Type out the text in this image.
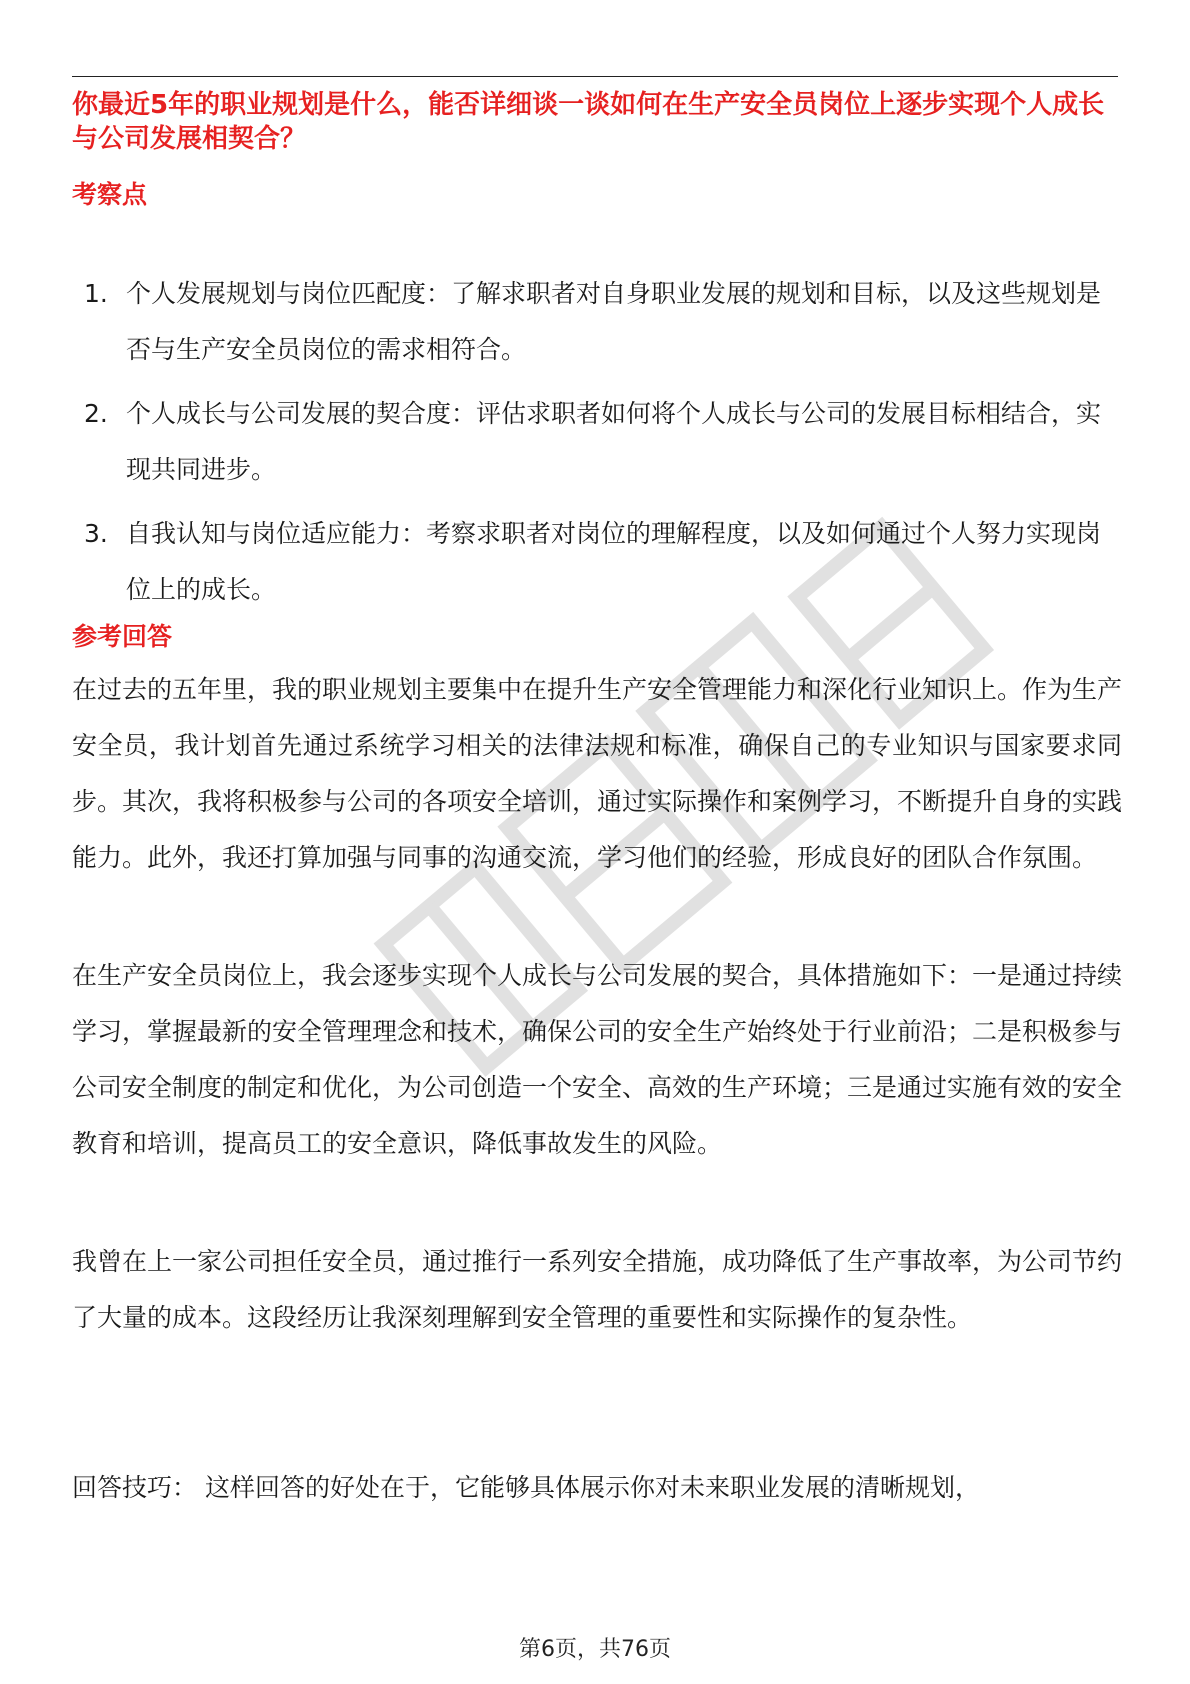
你最近5年的职业规划是什么，能否详细谈一谈如何在生产安全员岗位上逐步实现个人成长与公司发展相契合？
考察点
1. 个人发展规划与岗位匹配度：了解求职者对自身职业发展的规划和目标，以及这些规划是否与生产安全员岗位的需求相符合。
2. 个人成长与公司发展的契合度：评估求职者如何将个人成长与公司的发展目标相结合，实现共同进步。
3. 自我认知与岗位适应能力：考察求职者对岗位的理解程度，以及如何通过个人努力实现岗位上的成长。
参考回答

在过去的五年里，我的职业规划主要集中在提升生产安全管理能力和深化行业知识上。作为生产安全员，我计划首先通过系统学习相关的法律法规和标准，确保自己的专业知识与国家要求同步。其次，我将积极参与公司的各项安全培训，通过实际操作和案例学习，不断提升自身的实践能力。此外，我还打算加强与同事的沟通交流，学习他们的经验，形成良好的团队合作氛围。

在生产安全员岗位上，我会逐步实现个人成长与公司发展的契合，具体措施如下：一是通过持续学习，掌握最新的安全管理理念和技术，确保公司的安全生产始终处于行业前沿；二是积极参与公司安全制度的制定和优化，为公司创造一个安全、高效的生产环境；三是通过实施有效的安全教育和培训，提高员工的安全意识，降低事故发生的风险。

我曾在上一家公司担任安全员，通过推行一系列安全措施，成功降低了生产事故率，为公司节约了大量的成本。这段经历让我深刻理解到安全管理的重要性和实际操作的复杂性。

回答技巧： 这样回答的好处在于，它能够具体展示你对未来职业发展的清晰规划，

第6页，共76页
